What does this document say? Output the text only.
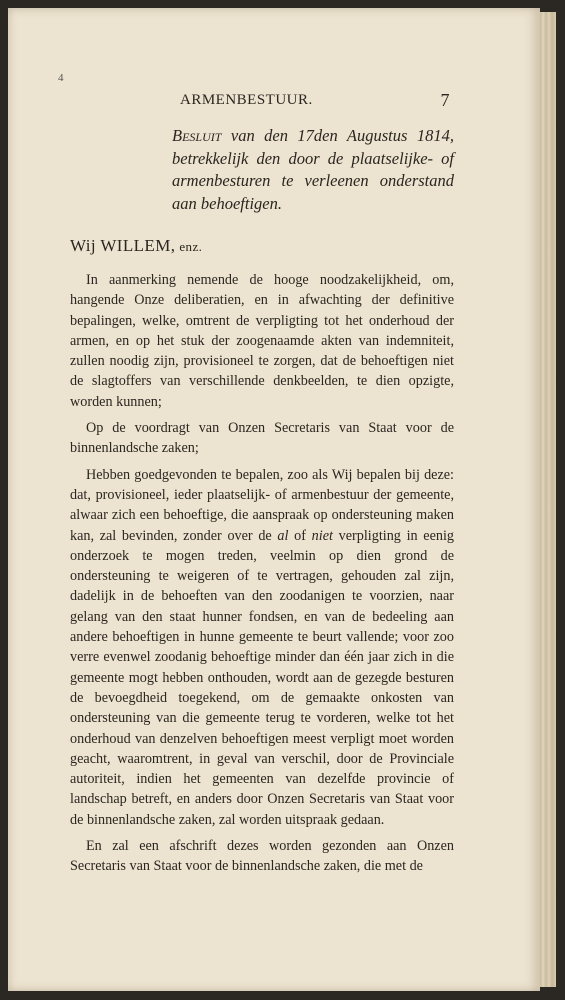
4
ARMENBESTUUR.	7
Besluit van den 17den Augustus 1814, betrekkelijk den door de plaatselijke- of armenbesturen te verleenen onderstand aan behoeftigen.
Wij WILLEM, enz.

In aanmerking nemende de hooge noodzakelijkheid, om, hangende Onze deliberatien, en in afwachting der definitive bepalingen, welke, omtrent de verpligting tot het onderhoud der armen, en op het stuk der zoogenaamde akten van indemniteit, zullen noodig zijn, provisioneel te zorgen, dat de behoeftigen niet de slagtoffers van verschillende denkbeelden, te dien opzigte, worden kunnen;

Op de voordragt van Onzen Secretaris van Staat voor de binnenlandsche zaken;

Hebben goedgevonden te bepalen, zoo als Wij bepalen bij deze: dat, provisioneel, ieder plaatselijk- of armenbestuur der gemeente, alwaar zich een behoeftige, die aanspraak op ondersteuning maken kan, zal bevinden, zonder over de al of niet verpligting in eenig onderzoek te mogen treden, veelmin op dien grond de ondersteuning te weigeren of te vertragen, gehouden zal zijn, dadelijk in de behoeften van den zoodanigen te voorzien, naar gelang van den staat hunner fondsen, en van de bedeeling aan andere behoeftigen in hunne gemeente te beurt vallende; voor zoo verre evenwel zoodanig behoeftige minder dan één jaar zich in die gemeente mogt hebben onthouden, wordt aan de gezegde besturen de bevoegdheid toegekend, om de gemaakte onkosten van ondersteuning van die gemeente terug te vorderen, welke tot het onderhoud van denzelven behoeftigen meest verpligt moet worden geacht, waaromtrent, in geval van verschil, door de Provinciale autoriteit, indien het gemeenten van dezelfde provincie of landschap betreft, en anders door Onzen Secretaris van Staat voor de binnenlandsche zaken, zal worden uitspraak gedaan.

En zal een afschrift dezes worden gezonden aan Onzen Secretaris van Staat voor de binnenlandsche zaken, die met de
